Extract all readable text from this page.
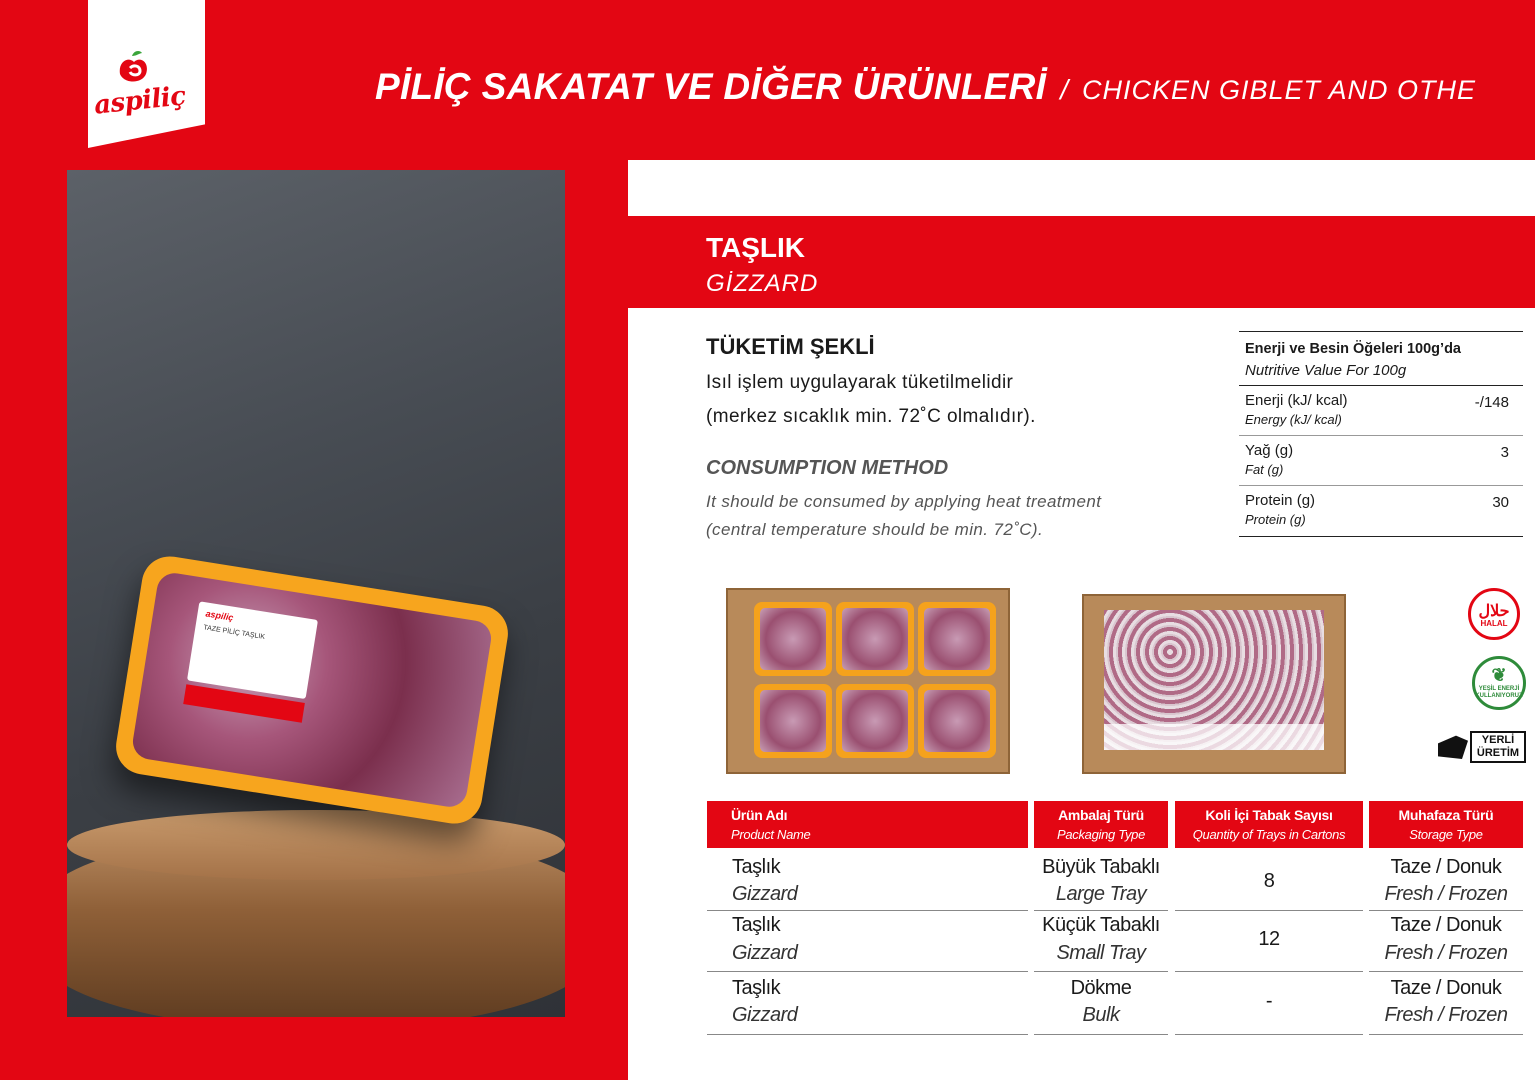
aspiliç	PİLİÇ SAKATAT VE DİĞER ÜRÜNLERİ / CHICKEN GIBLET AND OTHE
aspiliç
TAZE PİLİÇ TAŞLIK
TAŞLIK
GİZZARD
TÜKETİM ŞEKLİ
Isıl işlem uygulayarak tüketilmelidir
(merkez sıcaklık min. 72˚C olmalıdır).
CONSUMPTION METHOD
It should be consumed by applying heat treatment
(central temperature should be min. 72˚C).
Enerji ve Besin Öğeleri 100g’da
Nutritive Value For 100g
Enerji (kJ/ kcal)
Energy (kJ/ kcal)
-/148
Yağ (g)
Fat (g)
3
Protein (g)
Protein (g)
30
حلال
HALAL
❦
YEŞİL ENERJİ KULLANIYORUZ
YERLİ
ÜRETİM
Ürün Adı
Product Name
Ambalaj Türü
Packaging Type
Koli İçi Tabak Sayısı
Quantity of Trays in Cartons
Muhafaza Türü
Storage Type
Taşlık
Gizzard
Büyük Tabaklı
Large Tray
8
Taze / Donuk
Fresh / Frozen
Taşlık
Gizzard
Küçük Tabaklı
Small Tray
12
Taze / Donuk
Fresh / Frozen
Taşlık
Gizzard
Dökme
Bulk
-
Taze / Donuk
Fresh / Frozen
